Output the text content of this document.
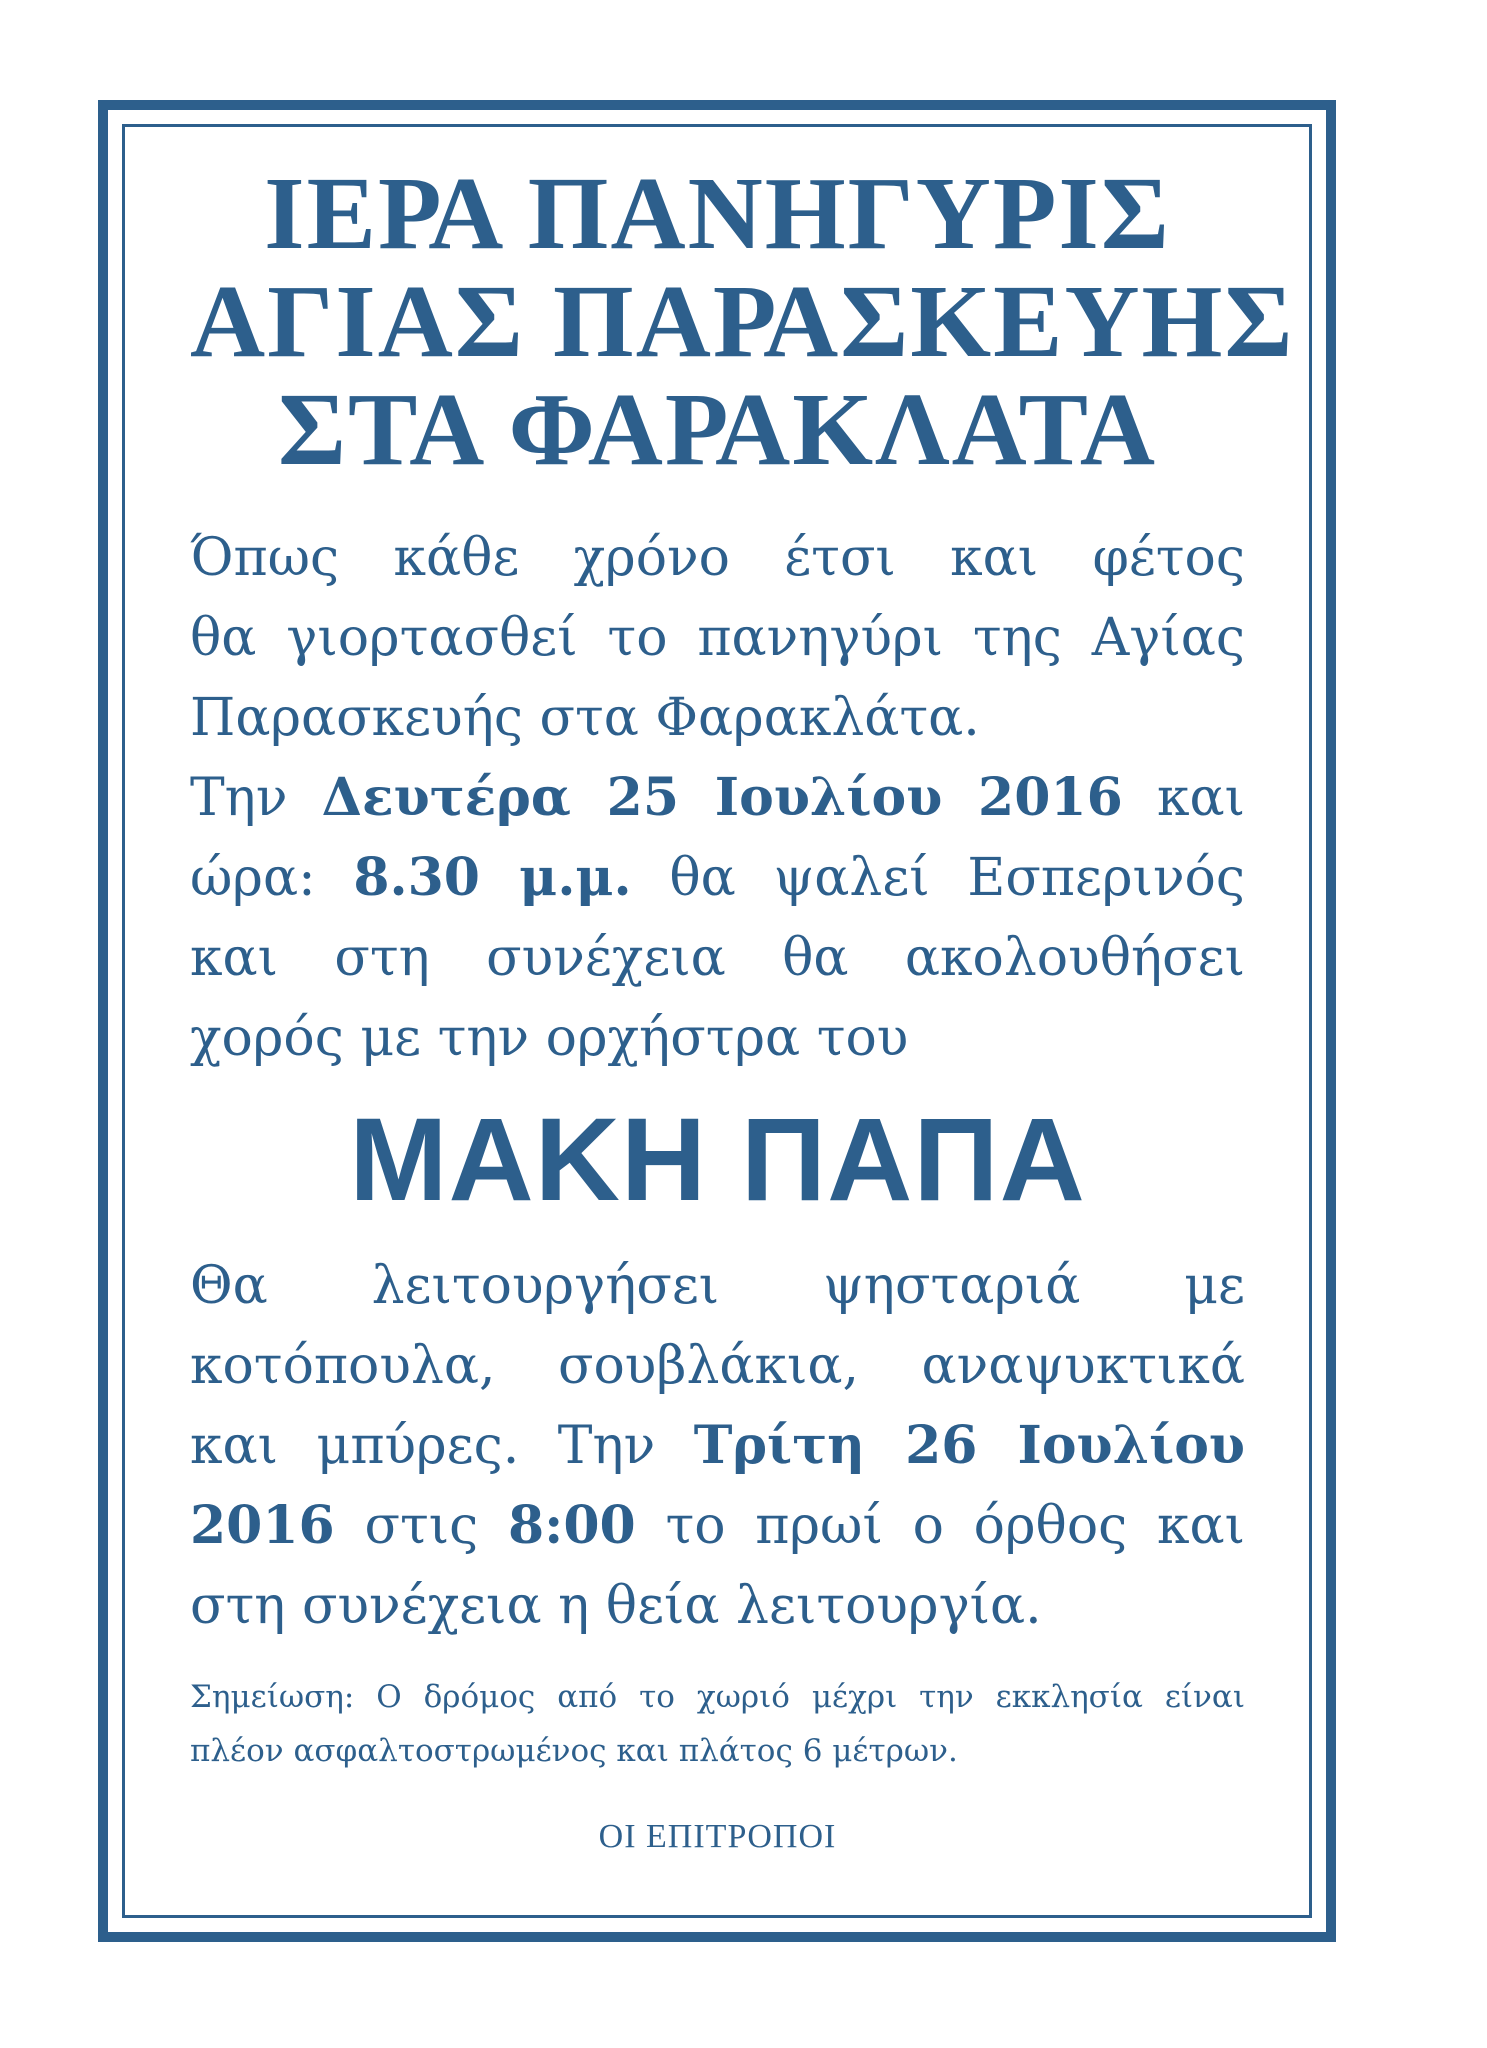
ΙΕΡΑ ΠΑΝΗΓΥΡΙΣ
ΑΓΙΑΣ ΠΑΡΑΣΚΕΥΗΣ
ΣΤΑ ΦΑΡΑΚΛΑΤΑ
Όπως κάθε χρόνο έτσι και φέτος
θα γιορτασθεί το πανηγύρι της Αγίας
Παρασκευής στα Φαρακλάτα.
Την Δευτέρα 25 Ιουλίου 2016 και
ώρα: 8.30 μ.μ. θα ψαλεί Εσπερινός
και στη συνέχεια θα ακολουθήσει
χορός με την ορχήστρα του
ΜΑΚΗ ΠΑΠΑ
Θα λειτουργήσει ψησταριά με
κοτόπουλα, σουβλάκια, αναψυκτικά
και μπύρες. Την Τρίτη 26 Ιουλίου
2016 στις 8:00 το πρωί ο όρθος και
στη συνέχεια η θεία λειτουργία.
Σημείωση: Ο δρόμος από το χωριό μέχρι την εκκλησία είναι
πλέον ασφαλτοστρωμένος και πλάτος 6 μέτρων.
ΟΙ ΕΠΙΤΡΟΠΟΙ
